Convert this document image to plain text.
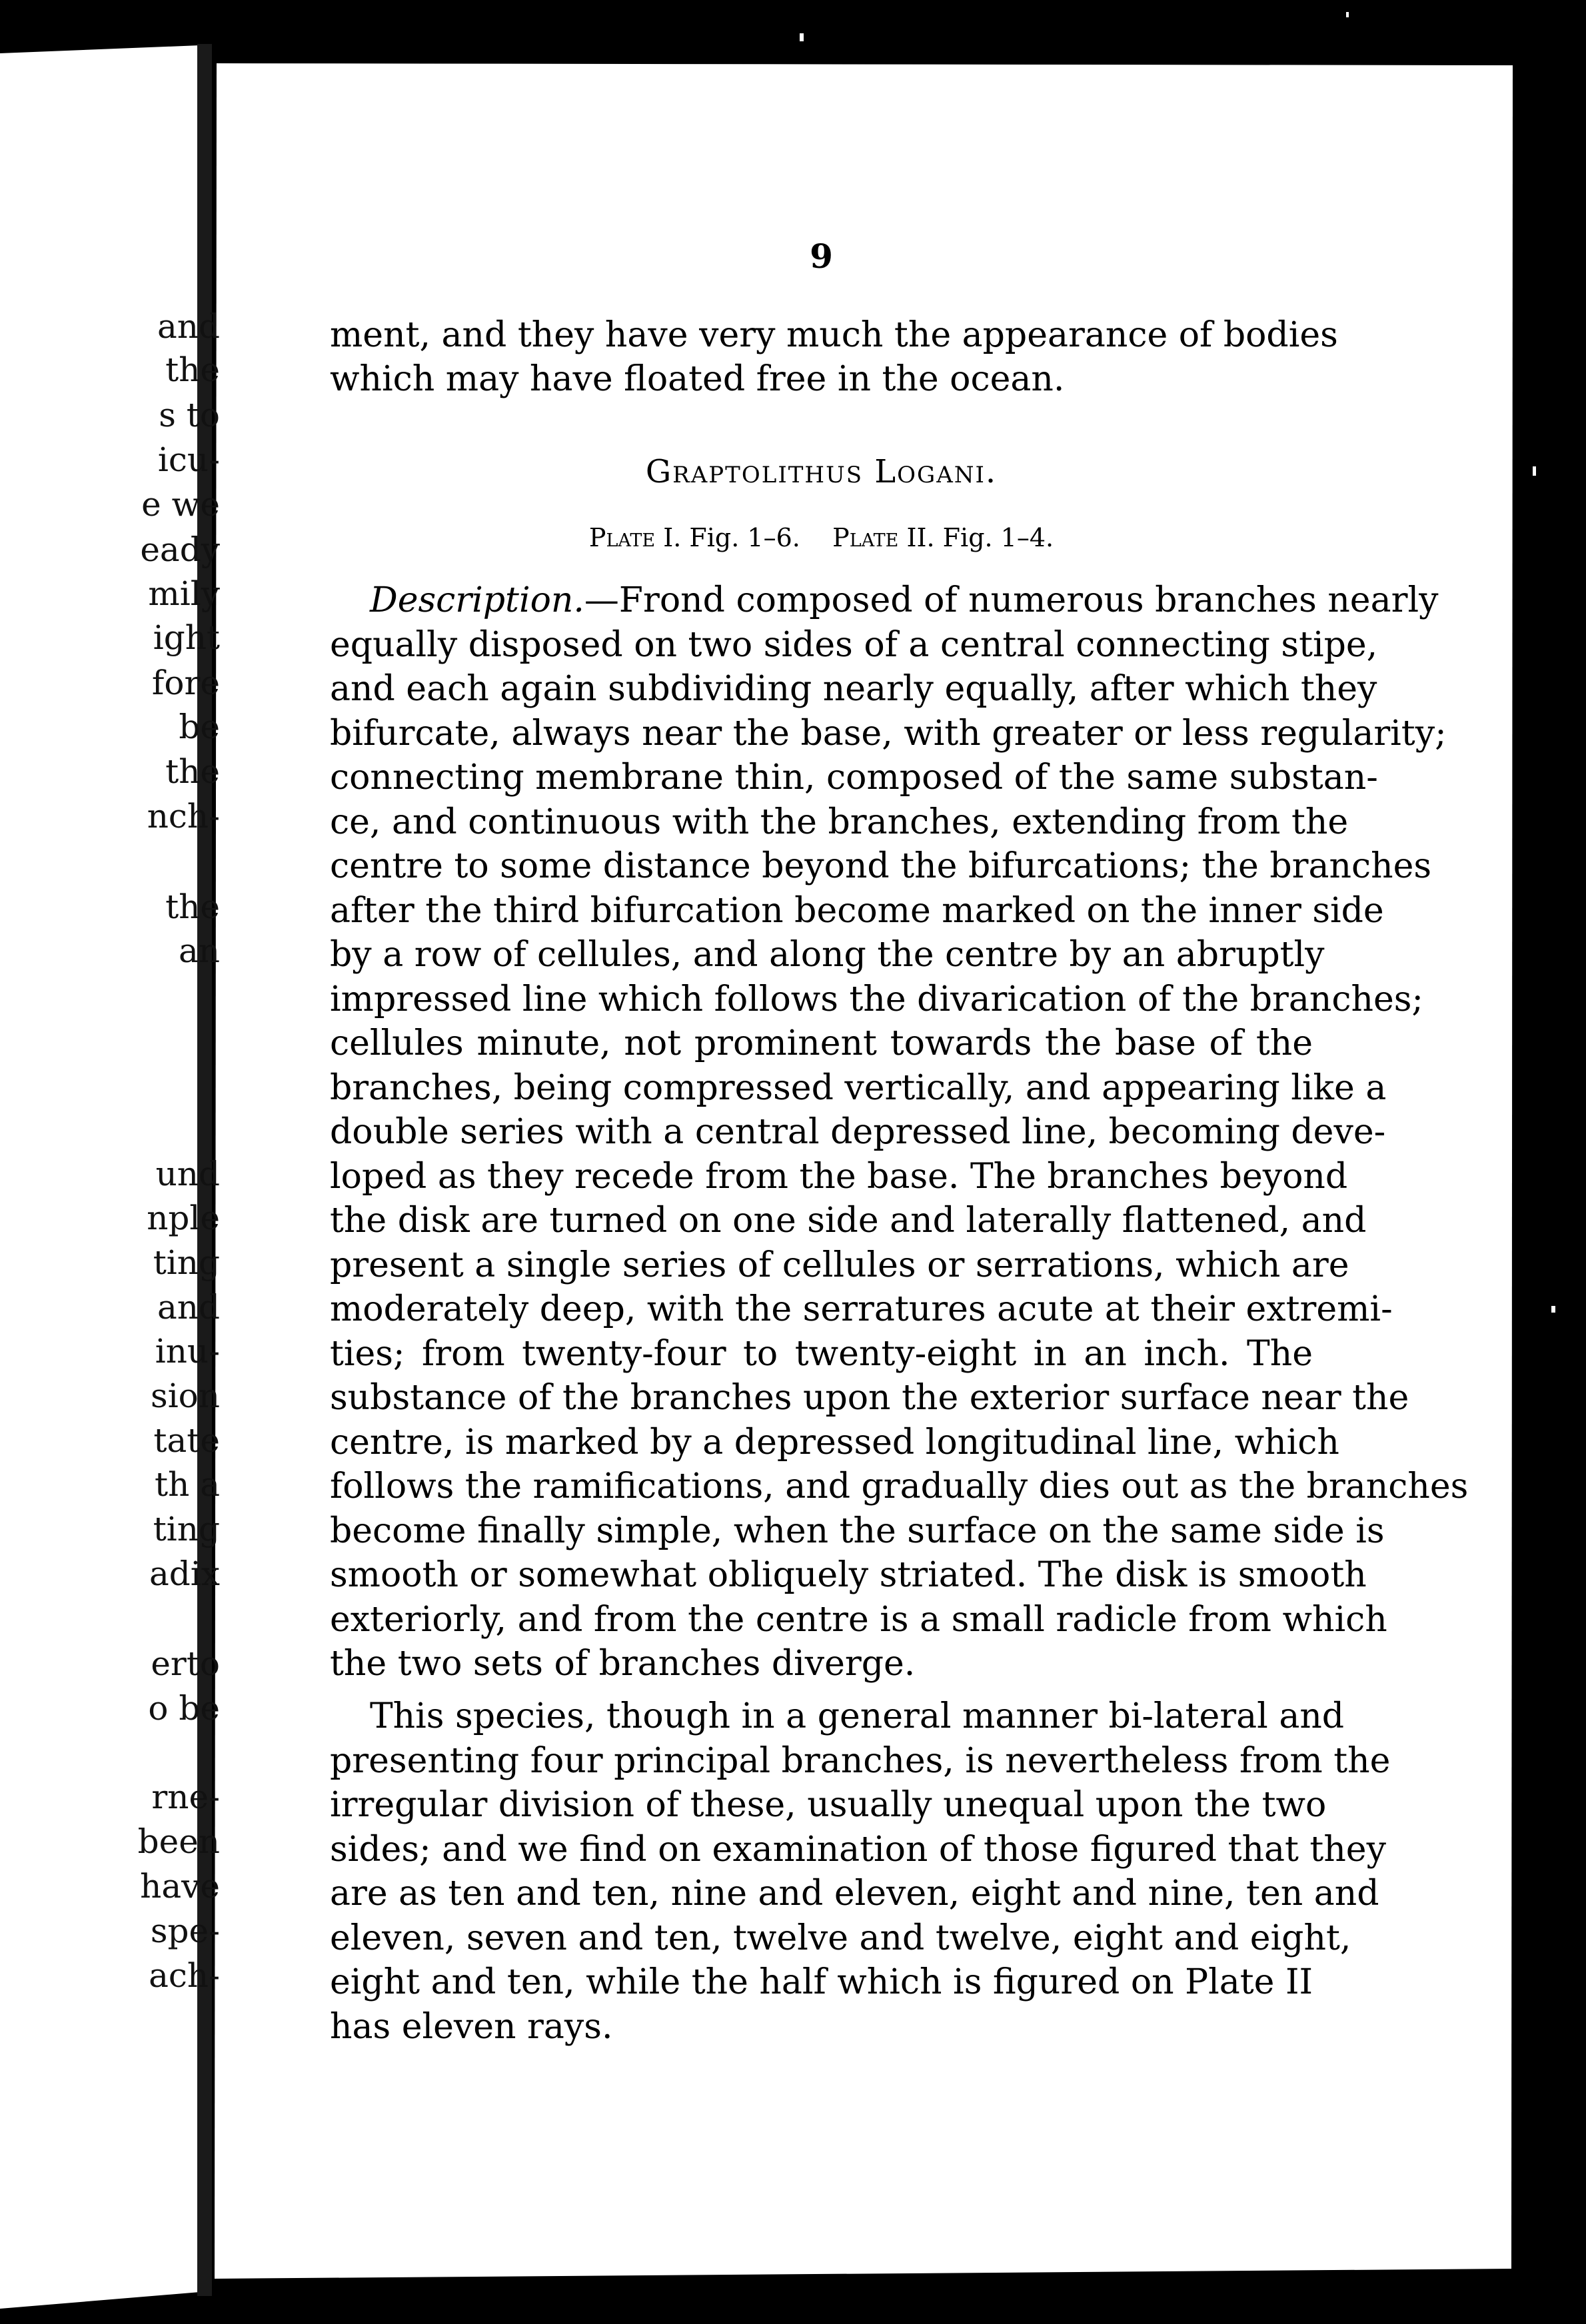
and
the
s to
icu-
e we
eady
mily
ight
fore
be
the
nch-
the
an
und
nple
ting
and
inu-
sion
tate
th a
ting
adix
erto
o be
rne-
been
have
spe-
ach-
9
ment, and they have very much the appearance of bodies
which may have floated free in the ocean.
Graptolithus Logani.
Plate I. Fig. 1–6. Plate II. Fig. 1–4.
Description.—Frond composed of numerous branches nearly
equally disposed on two sides of a central connecting stipe,
and each again subdividing nearly equally, after which they
bifurcate, always near the base, with greater or less regularity;
connecting membrane thin, composed of the same substan-
ce, and continuous with the branches, extending from the
centre to some distance beyond the bifurcations; the branches
after the third bifurcation become marked on the inner side
by a row of cellules, and along the centre by an abruptly
impressed line which follows the divarication of the branches;
cellules minute, not prominent towards the base of the
branches, being compressed vertically, and appearing like a
double series with a central depressed line, becoming deve-
loped as they recede from the base. The branches beyond
the disk are turned on one side and laterally flattened, and
present a single series of cellules or serrations, which are
moderately deep, with the serratures acute at their extremi-
ties; from twenty-four to twenty-eight in an inch. The
substance of the branches upon the exterior surface near the
centre, is marked by a depressed longitudinal line, which
follows the ramifications, and gradually dies out as the branches
become finally simple, when the surface on the same side is
smooth or somewhat obliquely striated. The disk is smooth
exteriorly, and from the centre is a small radicle from which
the two sets of branches diverge.
This species, though in a general manner bi-lateral and
presenting four principal branches, is nevertheless from the
irregular division of these, usually unequal upon the two
sides; and we find on examination of those figured that they
are as ten and ten, nine and eleven, eight and nine, ten and
eleven, seven and ten, twelve and twelve, eight and eight,
eight and ten, while the half which is figured on Plate II
has eleven rays.
